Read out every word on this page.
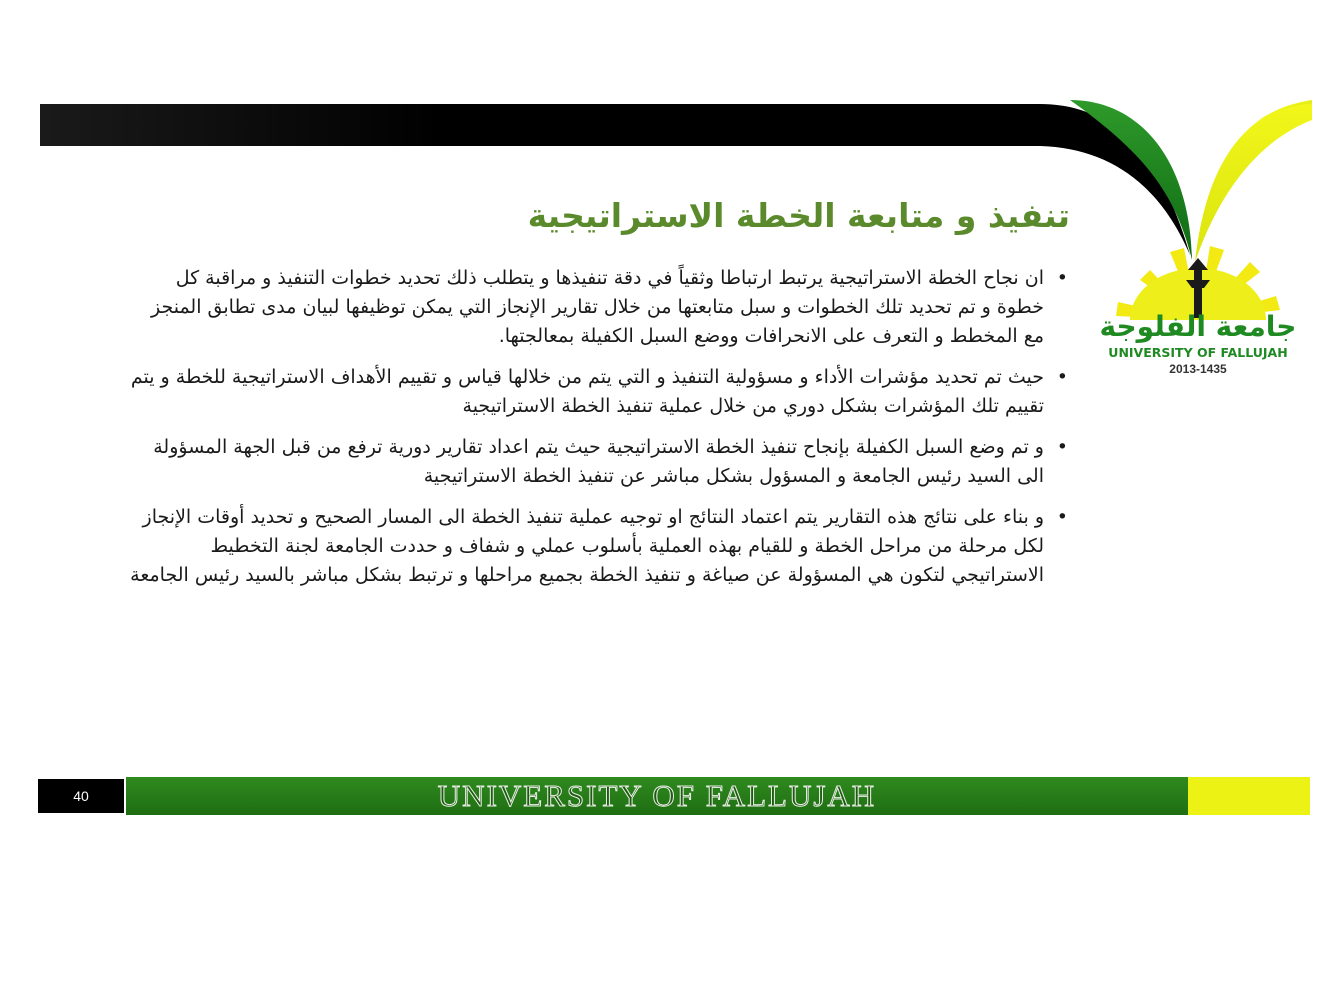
جامعة الفلوجة
UNIVERSITY OF FALLUJAH
2013-1435
تنفيذ و متابعة الخطة الاستراتيجية
•
ان نجاح الخطة الاستراتيجية يرتبط ارتباطا وثقياً في دقة تنفيذها و يتطلب ذلك تحديد خطوات التنفيذ و مراقبة كل خطوة و تم تحديد تلك الخطوات و سبل متابعتها من خلال تقارير الإنجاز التي يمكن توظيفها لبيان مدى تطابق المنجز مع المخطط و التعرف على الانحرافات ووضع السبل الكفيلة بمعالجتها.
•
حيث تم تحديد مؤشرات الأداء و مسؤولية التنفيذ و التي يتم من خلالها قياس و تقييم الأهداف الاستراتيجية للخطة و يتم تقييم تلك المؤشرات بشكل دوري من خلال عملية تنفيذ الخطة الاستراتيجية
•
و تم وضع السبل الكفيلة بإنجاح تنفيذ الخطة الاستراتيجية حيث يتم اعداد تقارير دورية ترفع من قبل الجهة المسؤولة الى السيد رئيس الجامعة و المسؤول بشكل مباشر عن تنفيذ الخطة الاستراتيجية
•
و بناء على نتائج هذه التقارير يتم اعتماد النتائج او توجيه عملية تنفيذ الخطة الى المسار الصحيح و تحديد أوقات الإنجاز لكل مرحلة من مراحل الخطة و للقيام بهذه العملية بأسلوب عملي و شفاف و حددت الجامعة لجنة التخطيط الاستراتيجي لتكون هي المسؤولة عن صياغة و تنفيذ الخطة بجميع مراحلها و ترتبط بشكل مباشر بالسيد رئيس الجامعة
40	UNIVERSITY OF FALLUJAH
